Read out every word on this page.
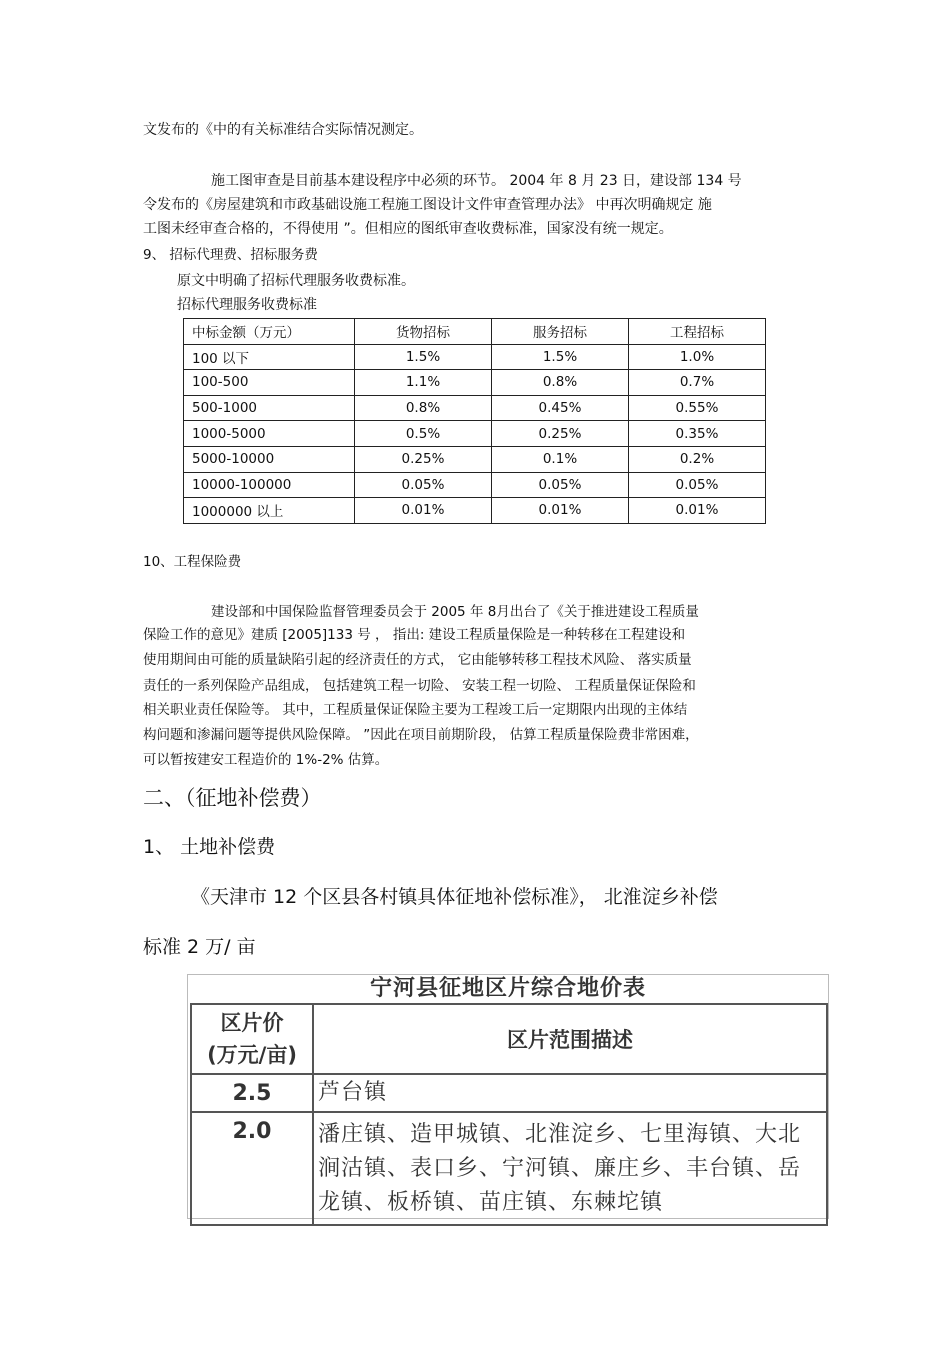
文发布的《中的有关标准结合实际情况测定。
施工图审查是目前基本建设程序中必须的环节。 2004 年 8 月 23 日，建设部 134 号
令发布的《房屋建筑和市政基础设施工程施工图设计文件审查管理办法》 中再次明确规定 施
工图未经审查合格的，不得使用 ”。但相应的图纸审查收费标准，国家没有统一规定。
9、 招标代理费、招标服务费
原文中明确了招标代理服务收费标准。
招标代理服务收费标准
中标金额（万元）	货物招标	服务招标	工程招标
100 以下	1.5%	1.5%	1.0%
100-500	1.1%	0.8%	0.7%
500-1000	0.8%	0.45%	0.55%
1000-5000	0.5%	0.25%	0.35%
5000-10000	0.25%	0.1%	0.2%
10000-100000	0.05%	0.05%	0.05%
1000000 以上	0.01%	0.01%	0.01%
10、工程保险费
建设部和中国保险监督管理委员会于 2005 年 8月出台了《关于推进建设工程质量
保险工作的意见》建质 [2005]133 号 ， 指出: 建设工程质量保险是一种转移在工程建设和
使用期间由可能的质量缺陷引起的经济责任的方式， 它由能够转移工程技术风险、 落实质量
责任的一系列保险产品组成， 包括建筑工程一切险、 安装工程一切险、 工程质量保证保险和
相关职业责任保险等。 其中，工程质量保证保险主要为工程竣工后一定期限内出现的主体结
构问题和渗漏问题等提供风险保障。 ”因此在项目前期阶段， 估算工程质量保险费非常困难，
可以暂按建安工程造价的 1%-2% 估算。
二、（征地补偿费）
1、 土地补偿费
《天津市 12 个区县各村镇具体征地补偿标准》， 北淮淀乡补偿
标准 2 万/ 亩
宁河县征地区片综合地价表
区片价
(万元/亩)	区片范围描述
2.5	芦台镇

2.0	潘庄镇、造甲城镇、北淮淀乡、七里海镇、大北
涧沽镇、表口乡、宁河镇、廉庄乡、丰台镇、岳
龙镇、板桥镇、苗庄镇、东棘坨镇
